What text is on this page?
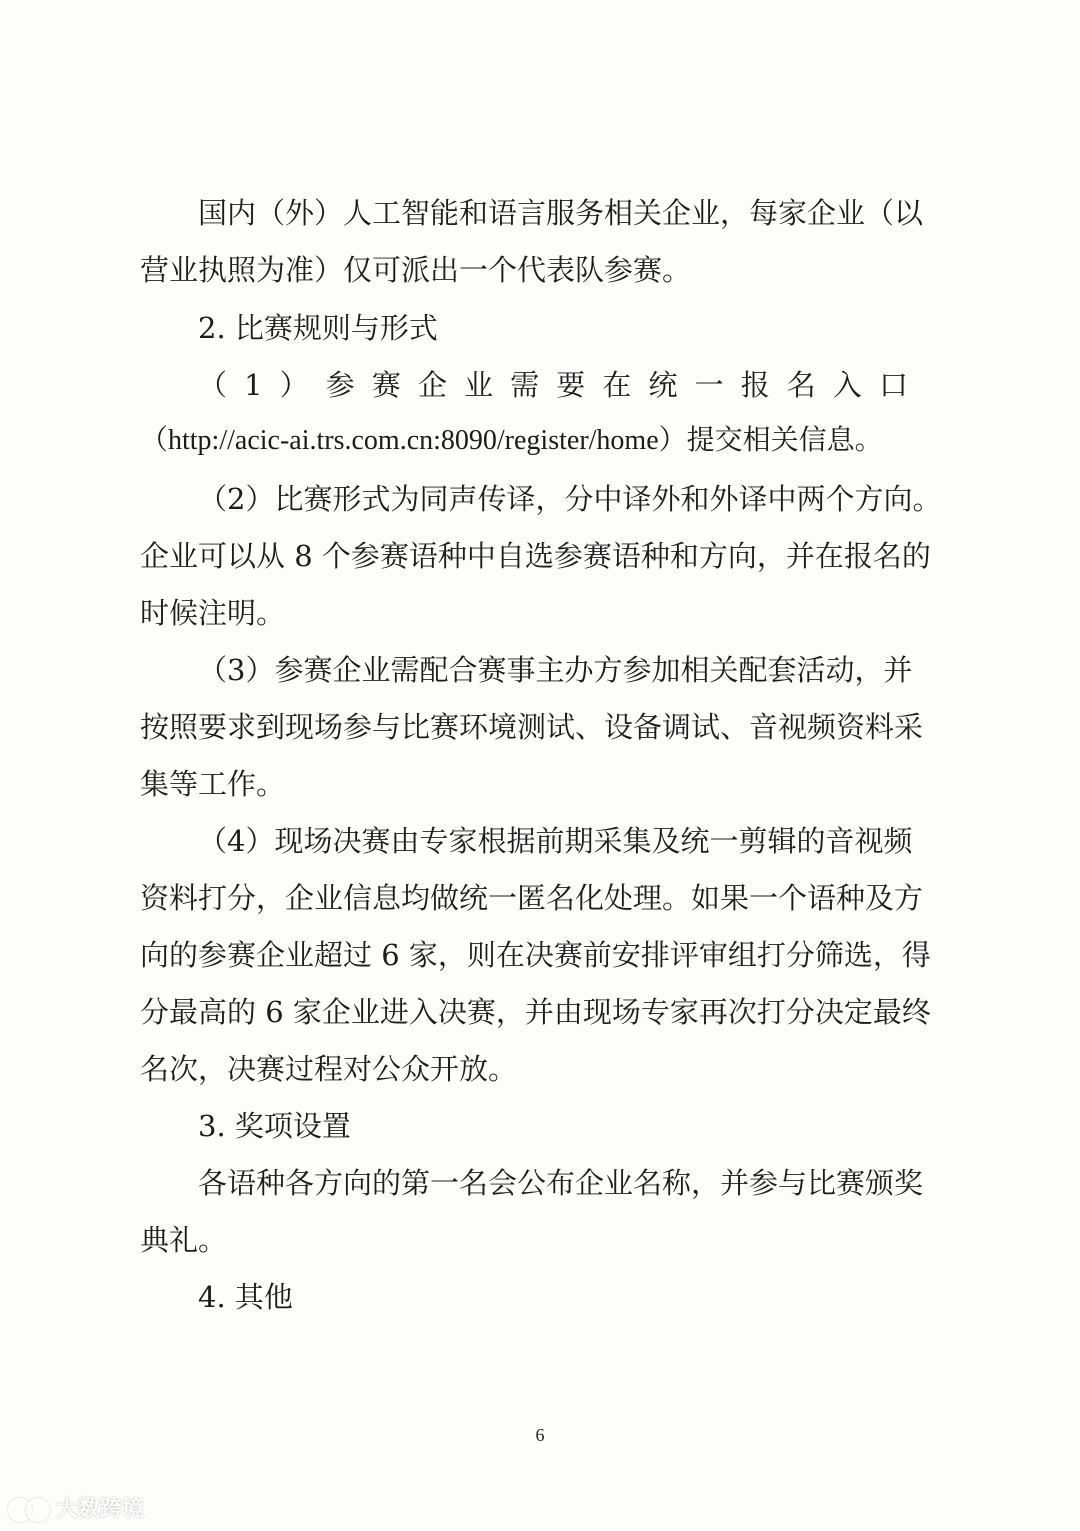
国内（外）人工智能和语言服务相关企业，每家企业（以
营业执照为准）仅可派出一个代表队参赛。
2. 比赛规则与形式
（1）参赛企业需要在统一报名入口
（http://acic-ai.trs.com.cn:8090/register/home）提交相关信息。
（2）比赛形式为同声传译，分中译外和外译中两个方向。
企业可以从 8 个参赛语种中自选参赛语种和方向，并在报名的
时候注明。
（3）参赛企业需配合赛事主办方参加相关配套活动，并
按照要求到现场参与比赛环境测试、设备调试、音视频资料采
集等工作。
（4）现场决赛由专家根据前期采集及统一剪辑的音视频
资料打分，企业信息均做统一匿名化处理。如果一个语种及方
向的参赛企业超过 6 家，则在决赛前安排评审组打分筛选，得
分最高的 6 家企业进入决赛，并由现场专家再次打分决定最终
名次，决赛过程对公众开放。
3. 奖项设置
各语种各方向的第一名会公布企业名称，并参与比赛颁奖
典礼。
4. 其他
6
大数跨境
